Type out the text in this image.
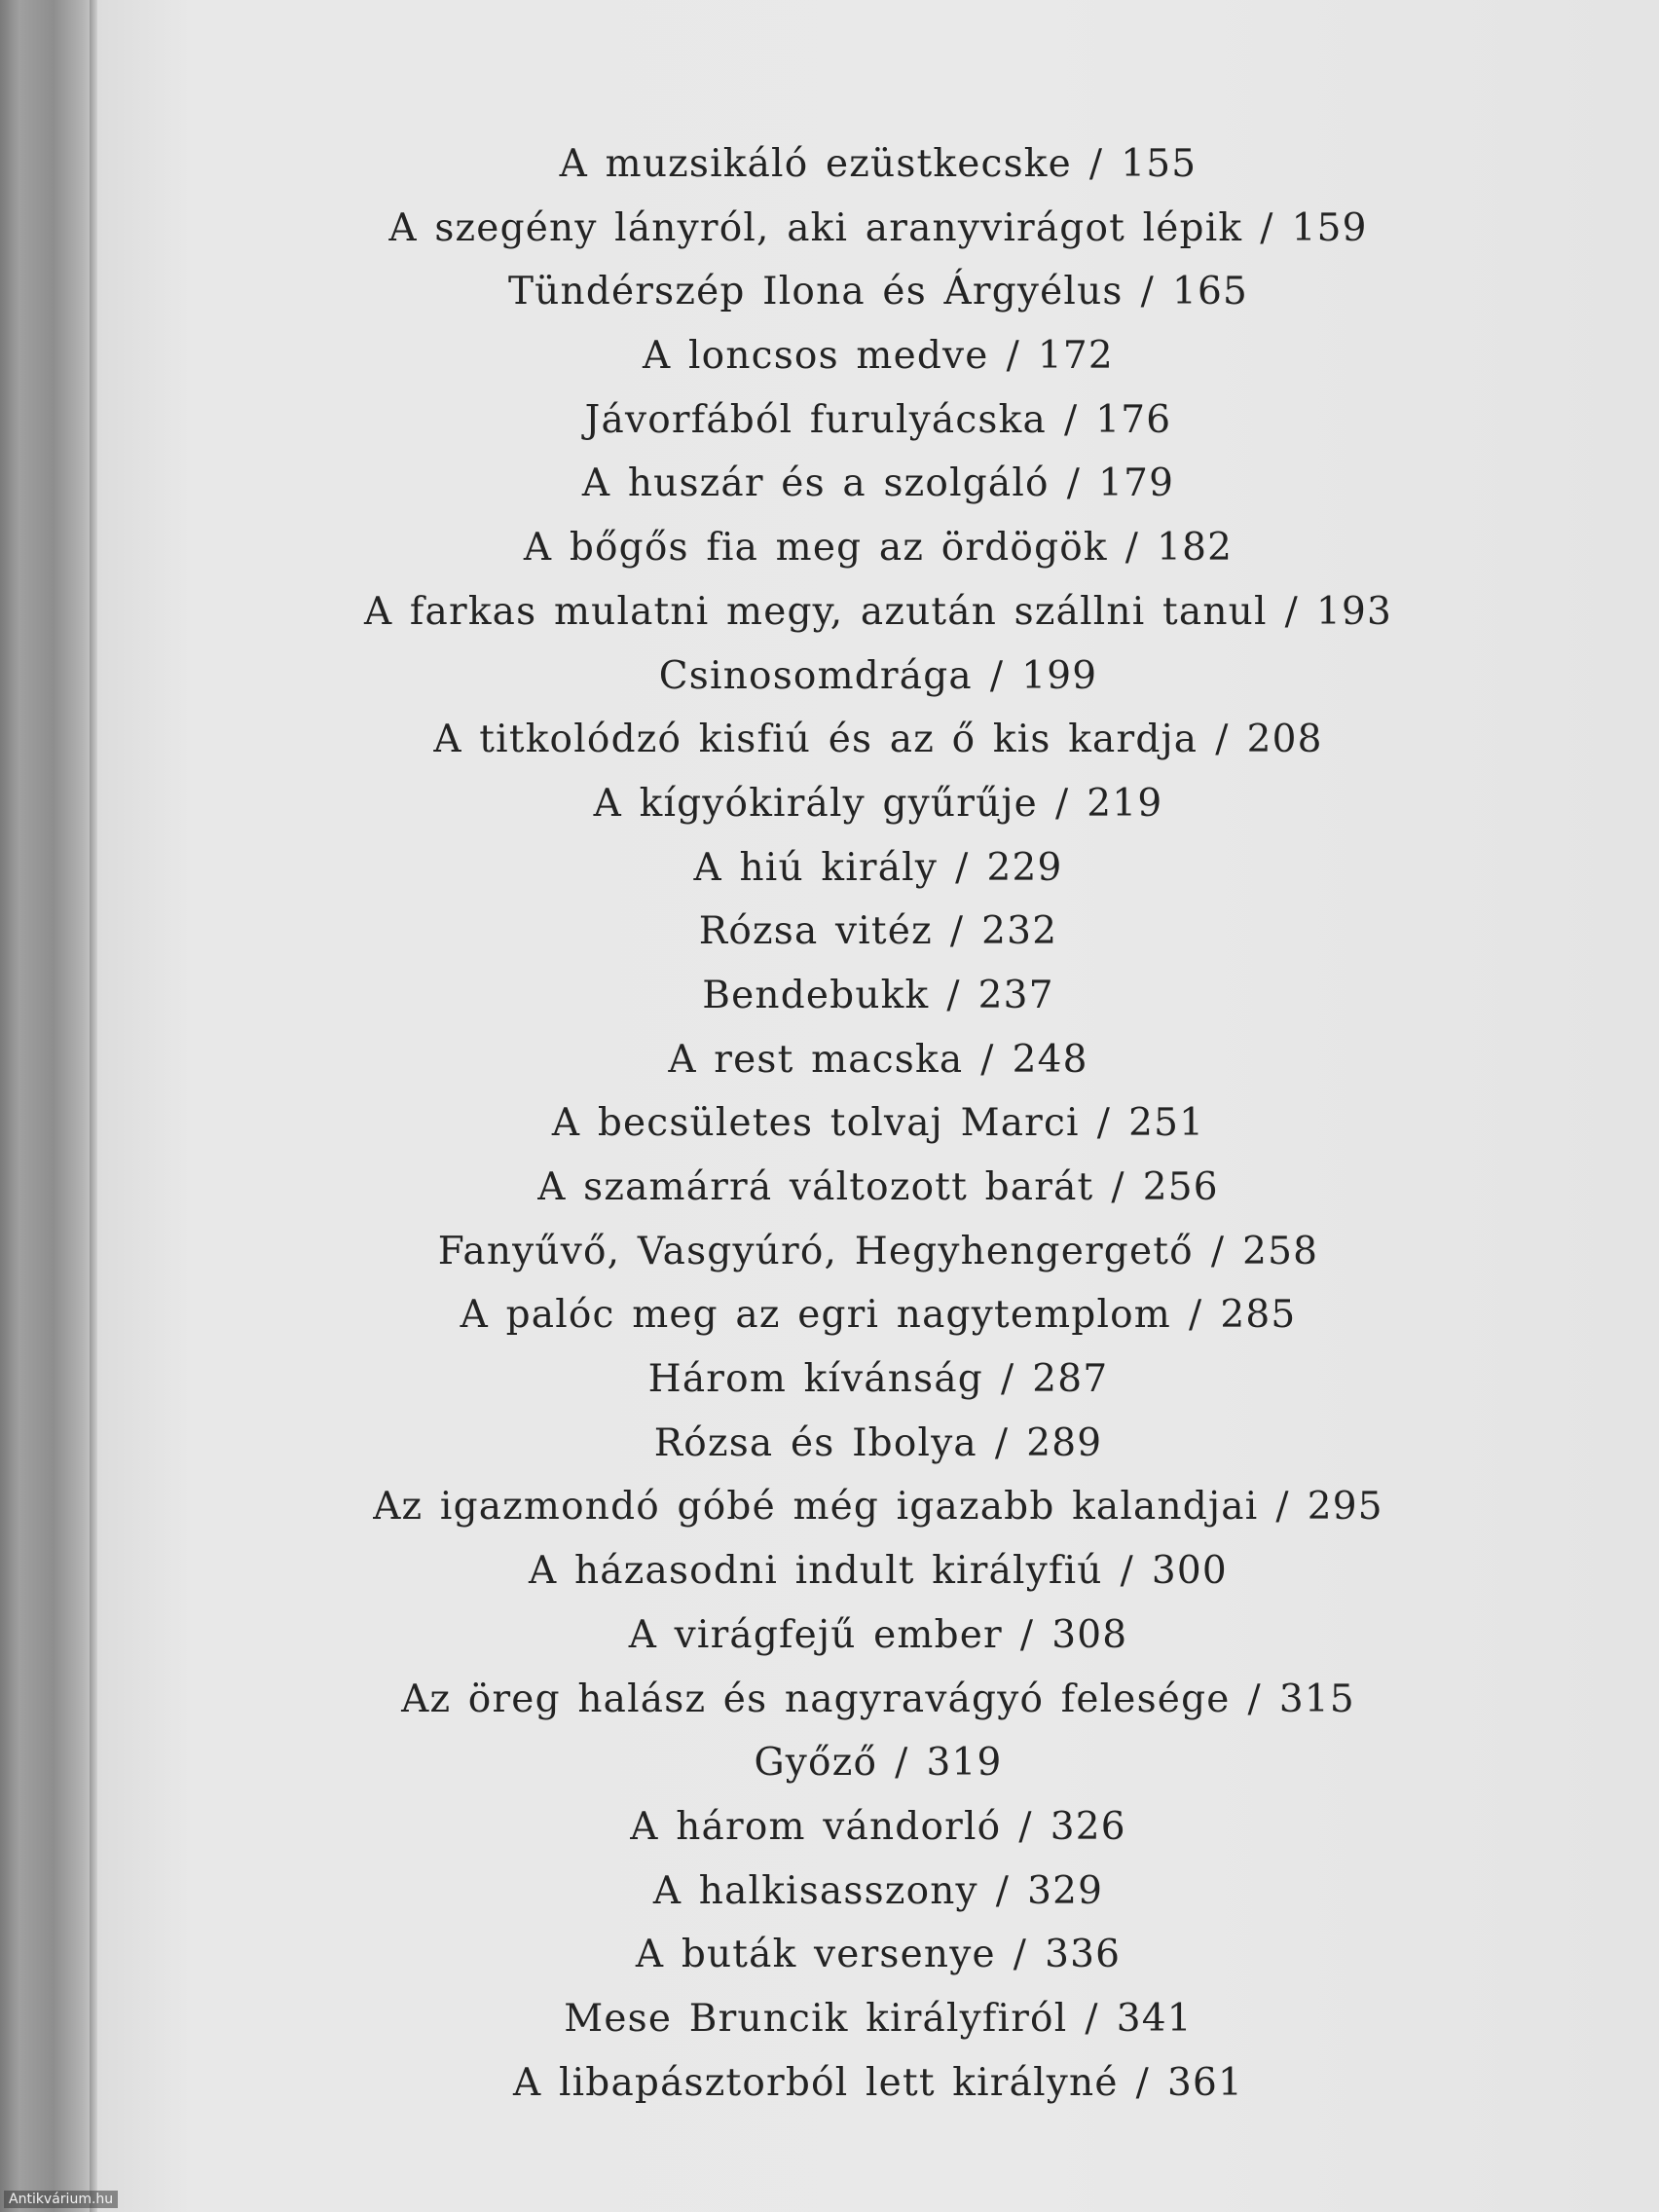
A muzsikáló ezüstkecske / 155
A szegény lányról, aki aranyvirágot lépik / 159
Tündérszép Ilona és Árgyélus / 165
A loncsos medve / 172
Jávorfából furulyácska / 176
A huszár és a szolgáló / 179
A bőgős fia meg az ördögök / 182
A farkas mulatni megy, azután szállni tanul / 193
Csinosomdrága / 199
A titkolódzó kisfiú és az ő kis kardja / 208
A kígyókirály gyűrűje / 219
A hiú király / 229
Rózsa vitéz / 232
Bendebukk / 237
A rest macska / 248
A becsületes tolvaj Marci / 251
A szamárrá változott barát / 256
Fanyűvő, Vasgyúró, Hegyhengergető / 258
A palóc meg az egri nagytemplom / 285
Három kívánság / 287
Rózsa és Ibolya / 289
Az igazmondó góbé még igazabb kalandjai / 295
A házasodni indult királyfiú / 300
A virágfejű ember / 308
Az öreg halász és nagyravágyó felesége / 315
Győző / 319
A három vándorló / 326
A halkisasszony / 329
A buták versenye / 336
Mese Bruncik királyfiról / 341
A libapásztorból lett királyné / 361
Antikvárium.hu
